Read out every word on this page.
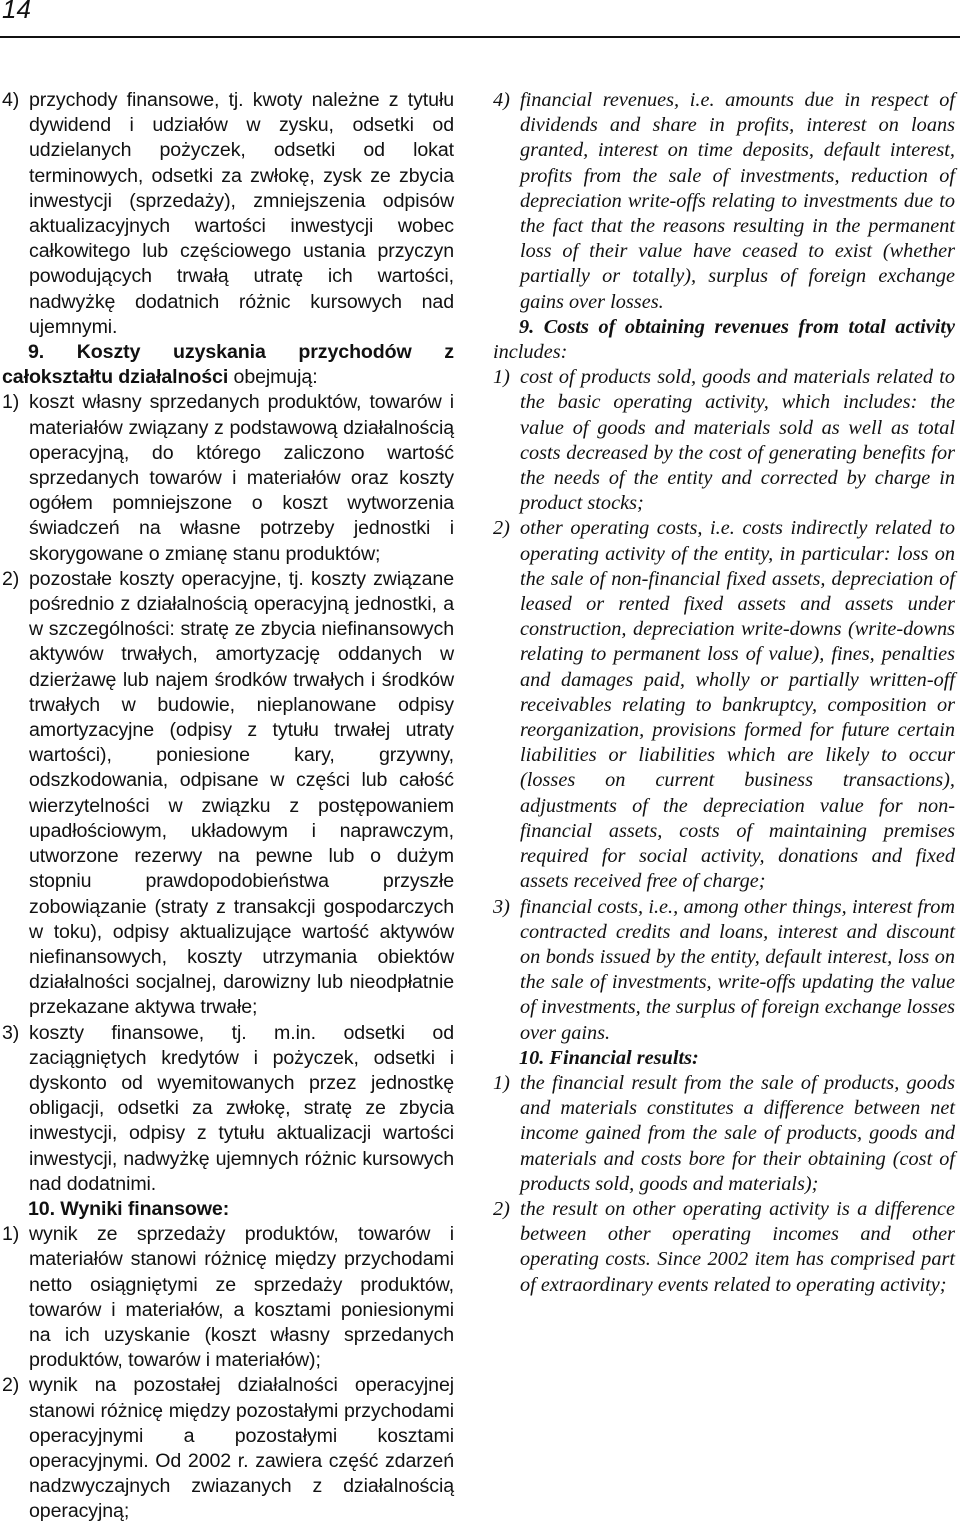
14

4) przychody finansowe, tj. kwoty należne z tytułu dywidend i udziałów w zysku, odsetki od udzielanych pożyczek, odsetki od lokat terminowych, odsetki za zwłokę, zysk ze zbycia inwestycji (sprzedaży), zmniejszenia odpisów aktualizacyjnych wartości inwestycji wobec całkowitego lub częściowego ustania przyczyn powodujących trwałą utratę ich wartości, nadwyżkę dodatnich różnic kursowych nad ujemnymi.

9. Koszty uzyskania przychodów z całokształtu działalności obejmują:

1) koszt własny sprzedanych produktów, towarów i materiałów związany z podstawową działalnością operacyjną, do którego zaliczono wartość sprzedanych towarów i materiałów oraz koszty ogółem pomniejszone o koszt wytworzenia świadczeń na własne potrzeby jednostki i skorygowane o zmianę stanu produktów;

2) pozostałe koszty operacyjne, tj. koszty związane pośrednio z działalnością operacyjną jednostki, a w szczególności: stratę ze zbycia niefinansowych aktywów trwałych, amortyzację oddanych w dzierżawę lub najem środków trwałych i środków trwałych w budowie, nieplanowane odpisy amortyzacyjne (odpisy z tytułu trwałej utraty wartości), poniesione kary, grzywny, odszkodowania, odpisane w części lub całość wierzytelności w związku z postępowaniem upadłościowym, układowym i naprawczym, utworzone rezerwy na pewne lub o dużym stopniu prawdopodobieństwa przyszłe zobowiązanie (straty z transakcji gospodarczych w toku), odpisy aktualizujące wartość aktywów niefinansowych, koszty utrzymania obiektów działalności socjalnej, darowizny lub nieodpłatnie przekazane aktywa trwałe;

3) koszty finansowe, tj. m.in. odsetki od zaciągniętych kredytów i pożyczek, odsetki i dyskonto od wyemitowanych przez jednostkę obligacji, odsetki za zwłokę, stratę ze zbycia inwestycji, odpisy z tytułu aktualizacji wartości inwestycji, nadwyżkę ujemnych różnic kursowych nad dodatnimi.

10. Wyniki finansowe:

1) wynik ze sprzedaży produktów, towarów i materiałów stanowi różnicę między przychodami netto osiągniętymi ze sprzedaży produktów, towarów i materiałów, a kosztami poniesionymi na ich uzyskanie (koszt własny sprzedanych produktów, towarów i materiałów);

2) wynik na pozostałej działalności operacyjnej stanowi różnicę między pozostałymi przychodami operacyjnymi a pozostałymi kosztami operacyjnymi. Od 2002 r. zawiera część zdarzeń nadzwyczajnych zwiazanych z działalnością operacyjną;

4) financial revenues, i.e. amounts due in respect of dividends and share in profits, interest on loans granted, interest on time deposits, default interest, profits from the sale of investments, reduction of depreciation write-offs relating to investments due to the fact that the reasons resulting in the permanent loss of their value have ceased to exist (whether partially or totally), surplus of foreign exchange gains over losses.

9. Costs of obtaining revenues from total activity includes:

1) cost of products sold, goods and materials related to the basic operating activity, which includes: the value of goods and materials sold as well as total costs decreased by the cost of generating benefits for the needs of the entity and corrected by charge in product stocks;

2) other operating costs, i.e. costs indirectly related to operating activity of the entity, in particular: loss on the sale of non-financial fixed assets, depreciation of leased or rented fixed assets and assets under construction, depreciation write-downs (write-downs relating to permanent loss of value), fines, penalties and damages paid, wholly or partially written-off receivables relating to bankruptcy, composition or reorganization, provisions formed for future certain liabilities or liabilities which are likely to occur (losses on current business transactions), adjustments of the depreciation value for non-financial assets, costs of maintaining premises required for social activity, donations and fixed assets received free of charge;

3) financial costs, i.e., among other things, interest from contracted credits and loans, interest and discount on bonds issued by the entity, default interest, loss on the sale of investments, write-offs updating the value of investments, the surplus of foreign exchange losses over gains.

10. Financial results:

1) the financial result from the sale of products, goods and materials constitutes a difference between net income gained from the sale of products, goods and materials and costs bore for their obtaining (cost of products sold, goods and materials);

2) the result on other operating activity is a difference between other operating incomes and other operating costs. Since 2002 item has comprised part of extraordinary events related to operating activity;
